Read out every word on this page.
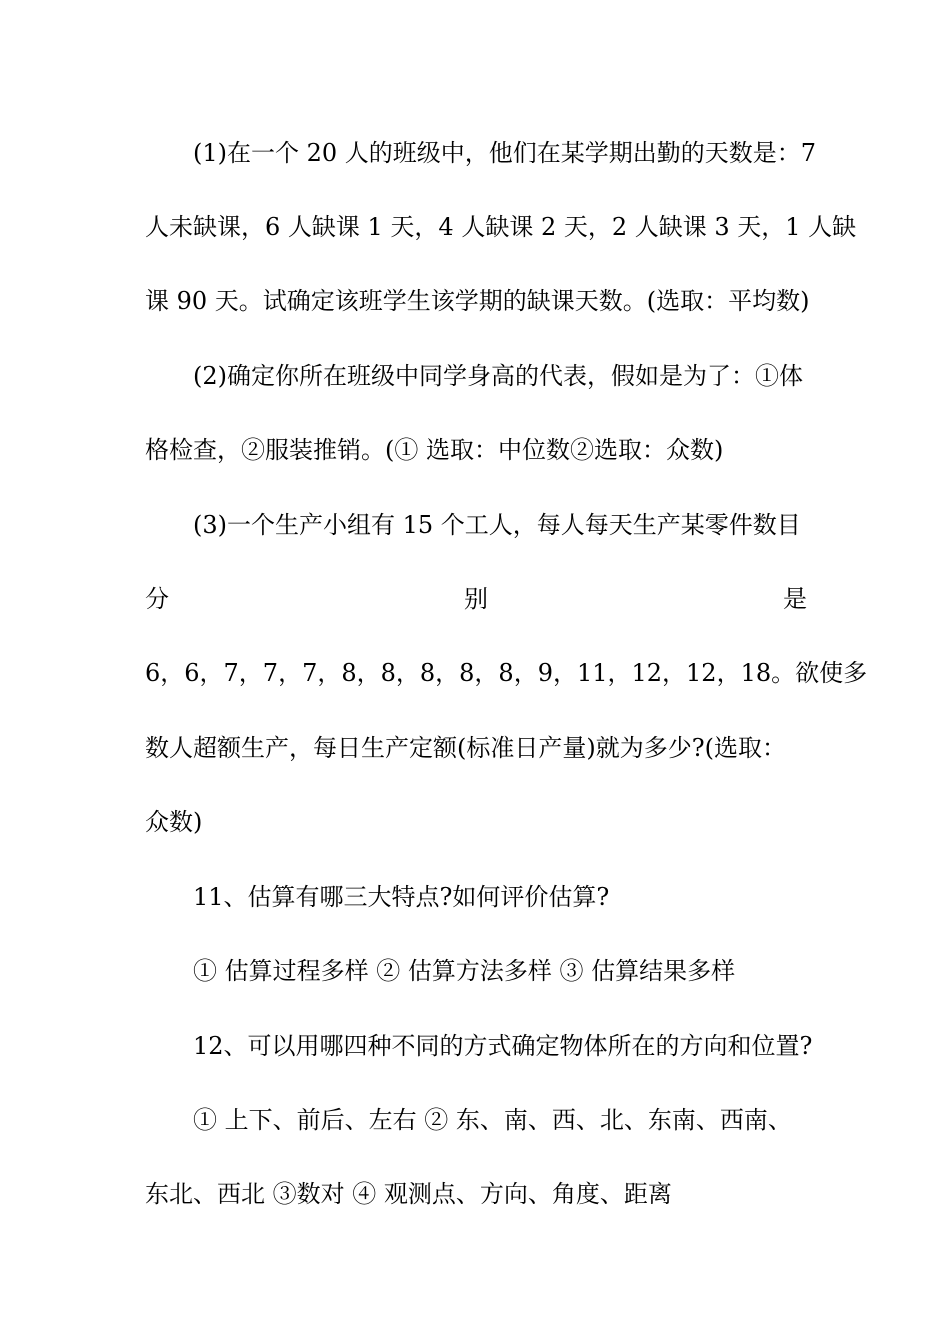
(1)在一个 20 人的班级中，他们在某学期出勤的天数是：7
人未缺课，6 人缺课 1 天，4 人缺课 2 天，2 人缺课 3 天，1 人缺
课 90 天。试确定该班学生该学期的缺课天数。(选取：平均数)
(2)确定你所在班级中同学身高的代表，假如是为了：①体
格检查，②服装推销。(① 选取：中位数②选取：众数)
(3)一个生产小组有 15 个工人，每人每天生产某零件数目
分	别	是
6，6，7，7，7，8，8，8，8，8，9，11，12，12，18。欲使多
数人超额生产，每日生产定额(标准日产量)就为多少?(选取：
众数)
11、估算有哪三大特点?如何评价估算?
① 估算过程多样 ② 估算方法多样 ③ 估算结果多样
12、可以用哪四种不同的方式确定物体所在的方向和位置?
① 上下、前后、左右 ② 东、南、西、北、东南、西南、
东北、西北 ③数对 ④ 观测点、方向、角度、距离
